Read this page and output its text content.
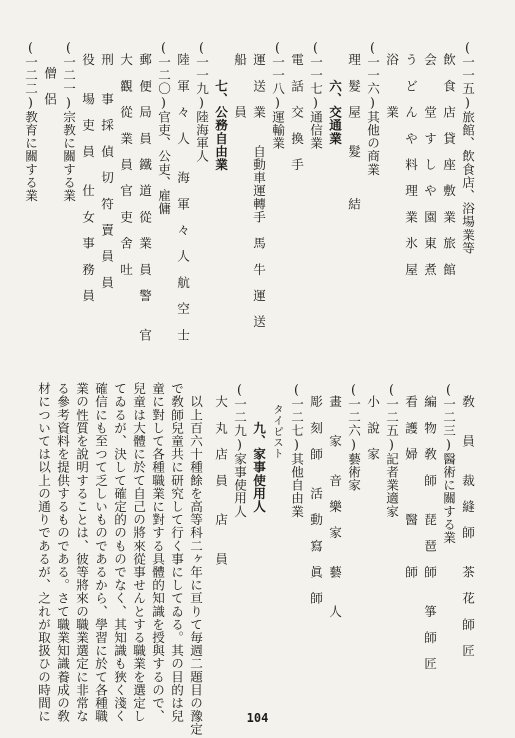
(一一五)旅館、飲食店、浴場業等
　飲　食　店　貸　座　敷　業　旅　館
　会　　　堂　す　し　や　園　東　煮
　う　ど　ん　や　料　理　業　氷　屋
　浴　　　業
(一一六)其他の商業
　理　髮　屋　　髮　　　結
　　　六、交通業
(一一七)通信業
　電　話　交　換　手
(一一八)運輸業
　運　送　業　　自動車運轉手　馬　牛　運　送
　船　　　員
　　　七、公務自由業
(一一九)陸海軍人
　陸　軍　々　人　　海　軍　々　人　航　空　士
(一二〇)官吏、公吏、雇傭
　郵　便　局　員　鐵　道　從　業　員　警　　官
　大　觀　從　業　員　官　吏　舍　吐　　　　
　刑　　事　採　偵　切　符　賣　員　員
　役　　場　吏　員　　仕　女　事　務　員
(一二一)宗教に關する業
　　僧　侶
(一二二)教育に關する業
　敎　　員　　裁　縫　師　　茶　花　師　匠
(一二三)醫術に關する業
　編　物　敎　師　　琵　琶　師　　箏　師　匠
　看　護　婦　　　　醫　　　師
(一二五)記者業適家
　小　說　家
(一二六)藝術家
　畫　　家　　音　樂　家　　藝　　人
　彫　刻　師　　活　動　寫　眞　師
(一二七)其他自由業
　　タイピスト
　　　九、家事使用人
(一二九)家事使用人
　大　丸　店　員　　店　　員
　以上百六十種餘を高等科二ヶ年に亘りて毎週二題目の豫定
で敎師兒童共に研究して行く事にしてゐる。其の目的は兒
童に對して各種職業に對する具體的知識を授與するので、
兒童は大體に於て自己の將來從事せんとする職業を選定し
てゐるが、決して確定的のものでなく、其知識も狹く淺く
確信にも至つて乏しいものであるから、學習に於て各種職
業の性質を說明することは、彼等將來の職業選定に非常な
る參考資料を提供するものである。さて職業知識養成の敎
材については以上の通りであるが、之れが取扱ひの時間に	104
